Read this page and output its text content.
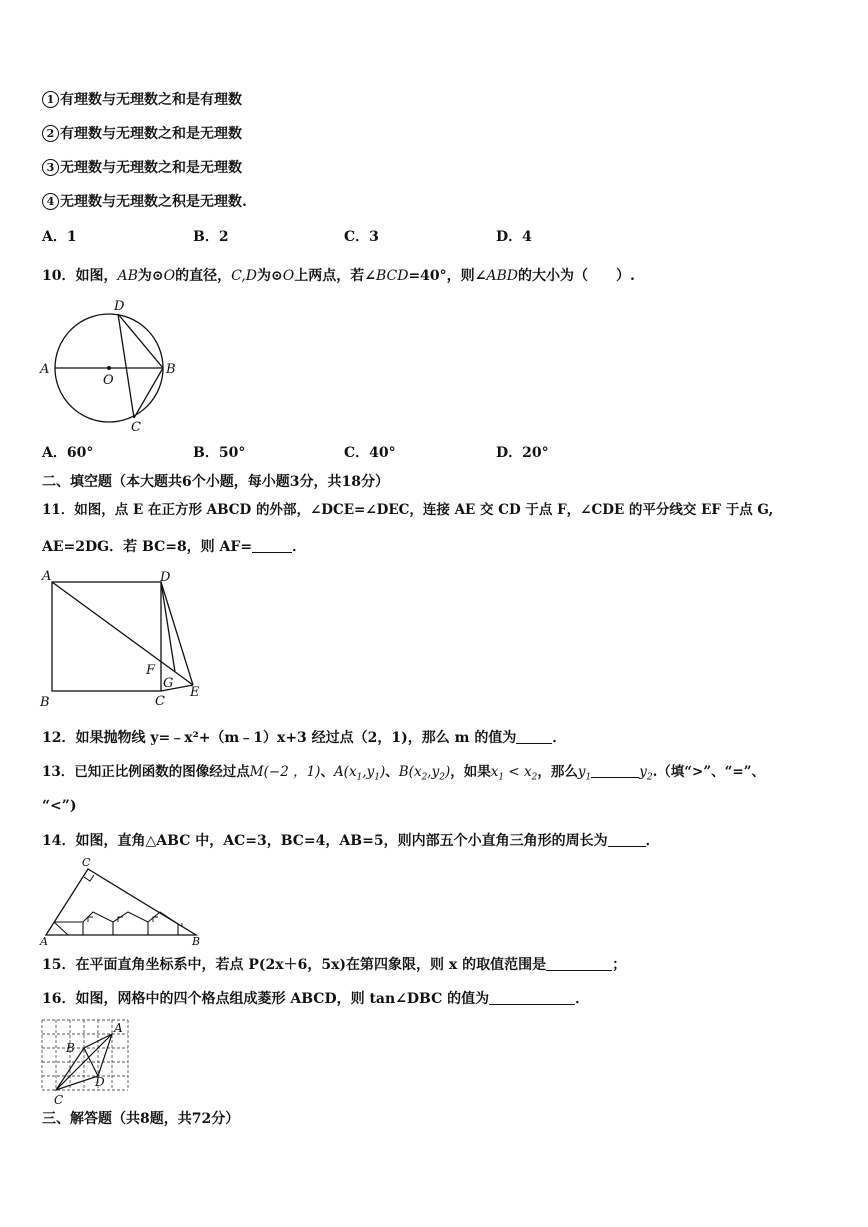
1 有理数与无理数之和是有理数
2 有理数与无理数之和是无理数
3 无理数与无理数之和是无理数
4 无理数与无理数之积是无理数.
A．1	B．2	C．3	D．4
10．如图，AB为⊙O的直径，C,D为⊙O上两点，若∠BCD=40°，则∠ABD的大小为（　　）.
D
A	B
O
C
A．60°	B．50°	C．40°	D．20°
二、填空题（本大题共6个小题，每小题3分，共18分）
11．如图，点 E 在正方形 ABCD 的外部，∠DCE=∠DEC，连接 AE 交 CD 于点 F，∠CDE 的平分线交 EF 于点 G,
AE=2DG．若 BC=8，则 AF=	．
A	D
F
G
E
B	C
12．如果抛物线 y=﹣x²+（m﹣1）x+3 经过点（2，1)，那么 m 的值为	．
13．已知正比例函数的图像经过点M(−2 ，1)、$A(x_1,y_1)$、$B(x_2,y_2)$，如果$x_1 < x_2$，那么$y_1$	$y_2$.（填“>”、“=”、
“<”)
14．如图，直角△ABC 中，AC=3，BC=4，AB=5，则内部五个小直角三角形的周长为	．
C
A	B
15．在平面直角坐标系中，若点 P(2x＋6，5x)在第四象限，则 x 的取值范围是	；
16．如图，网格中的四个格点组成菱形 ABCD，则 tan∠DBC 的值为	．
A
B
D
C
三、解答题（共8题，共72分）
